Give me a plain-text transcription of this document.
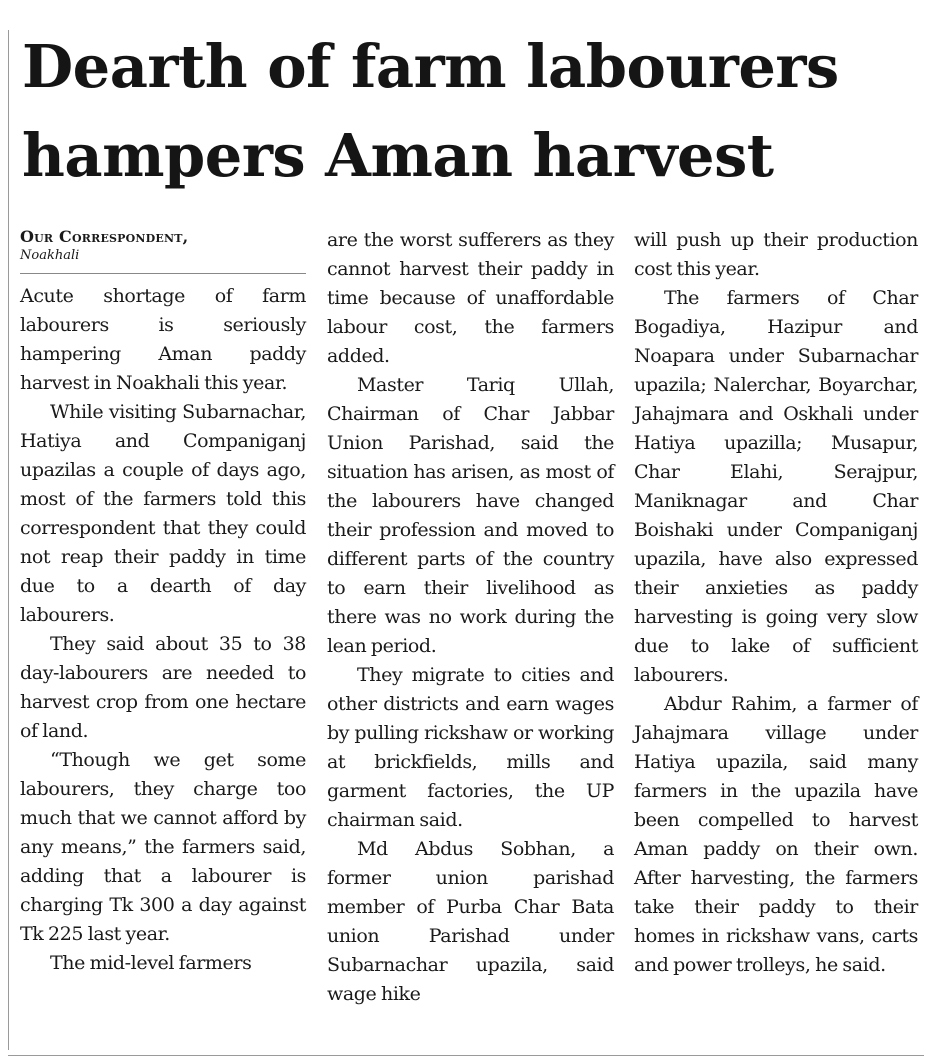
Dearth of farm labourers
hampers Aman harvest
Our Correspondent,
Noakhali

Acute shortage of farm labourers is seriously hampering Aman paddy harvest in Noakhali this year.

While visiting Subarnachar, Hatiya and Companiganj upazilas a couple of days ago, most of the farmers told this correspondent that they could not reap their paddy in time due to a dearth of day labourers.

They said about 35 to 38 day-labourers are needed to harvest crop from one hectare of land.

“Though we get some labourers, they charge too much that we cannot afford by any means,” the farmers said, adding that a labourer is charging Tk 300 a day against Tk 225 last year.

The mid-level farmers

are the worst sufferers as they cannot harvest their paddy in time because of unaffordable labour cost, the farmers added.

Master Tariq Ullah, Chairman of Char Jabbar Union Parishad, said the situation has arisen, as most of the labourers have changed their profession and moved to different parts of the country to earn their livelihood as there was no work during the lean period.

They migrate to cities and other districts and earn wages by pulling rickshaw or working at brickfields, mills and garment factories, the UP chairman said.

Md Abdus Sobhan, a former union parishad member of Purba Char Bata union Parishad under Subarnachar upazila, said wage hike

will push up their production cost this year.

The farmers of Char Bogadiya, Hazipur and Noapara under Subarnachar upazila; Nalerchar, Boyarchar, Jahajmara and Oskhali under Hatiya upazilla; Musapur, Char Elahi, Serajpur, Maniknagar and Char Boishaki under Companiganj upazila, have also expressed their anxieties as paddy harvesting is going very slow due to lake of sufficient labourers.

Abdur Rahim, a farmer of Jahajmara village under Hatiya upazila, said many farmers in the upazila have been compelled to harvest Aman paddy on their own. After harvesting, the farmers take their paddy to their homes in rickshaw vans, carts and power trolleys, he said.
